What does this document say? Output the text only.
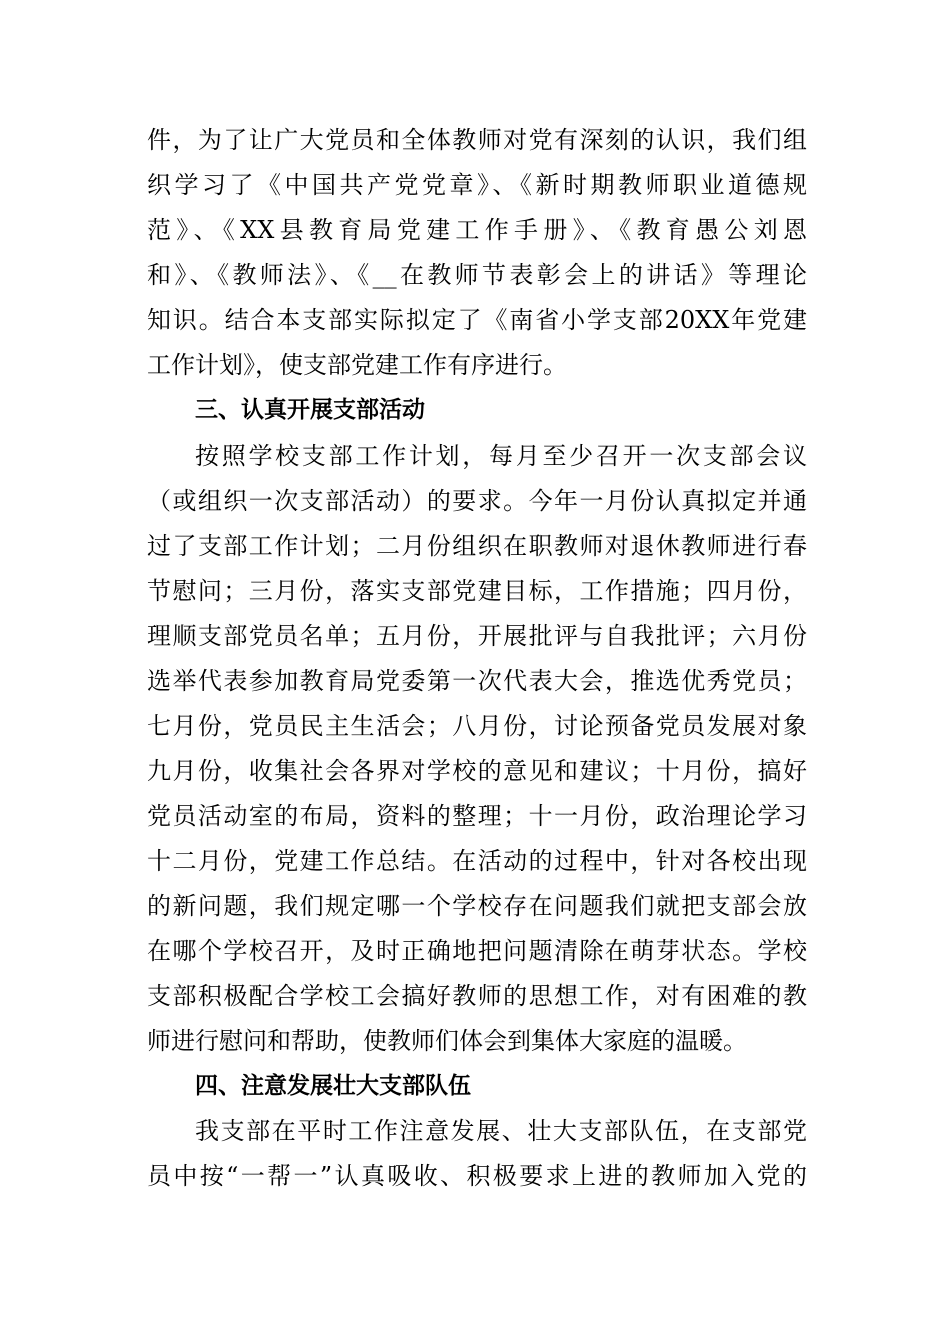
件，为了让广大党员和全体教师对党有深刻的认识，我们组
织学习了《中国共产党党章》、《新时期教师职业道德规
范》、《XX县教育局党建工作手册》、《教育愚公刘恩
和》、《教师法》、《__在教师节表彰会上的讲话》等理论
知识。结合本支部实际拟定了《南省小学支部20XX年党建
工作计划》，使支部党建工作有序进行。
三、认真开展支部活动
按照学校支部工作计划，每月至少召开一次支部会议
（或组织一次支部活动）的要求。今年一月份认真拟定并通
过了支部工作计划；二月份组织在职教师对退休教师进行春
节慰问；三月份，落实支部党建目标，工作措施；四月份，
理顺支部党员名单；五月份，开展批评与自我批评；六月份
选举代表参加教育局党委第一次代表大会，推选优秀党员；
七月份，党员民主生活会；八月份，讨论预备党员发展对象
九月份，收集社会各界对学校的意见和建议；十月份，搞好
党员活动室的布局，资料的整理；十一月份，政治理论学习
十二月份，党建工作总结。在活动的过程中，针对各校出现
的新问题，我们规定哪一个学校存在问题我们就把支部会放
在哪个学校召开，及时正确地把问题清除在萌芽状态。学校
支部积极配合学校工会搞好教师的思想工作，对有困难的教
师进行慰问和帮助，使教师们体会到集体大家庭的温暖。
四、注意发展壮大支部队伍
我支部在平时工作注意发展、壮大支部队伍，在支部党
员中按“一帮一”认真吸收、积极要求上进的教师加入党的
